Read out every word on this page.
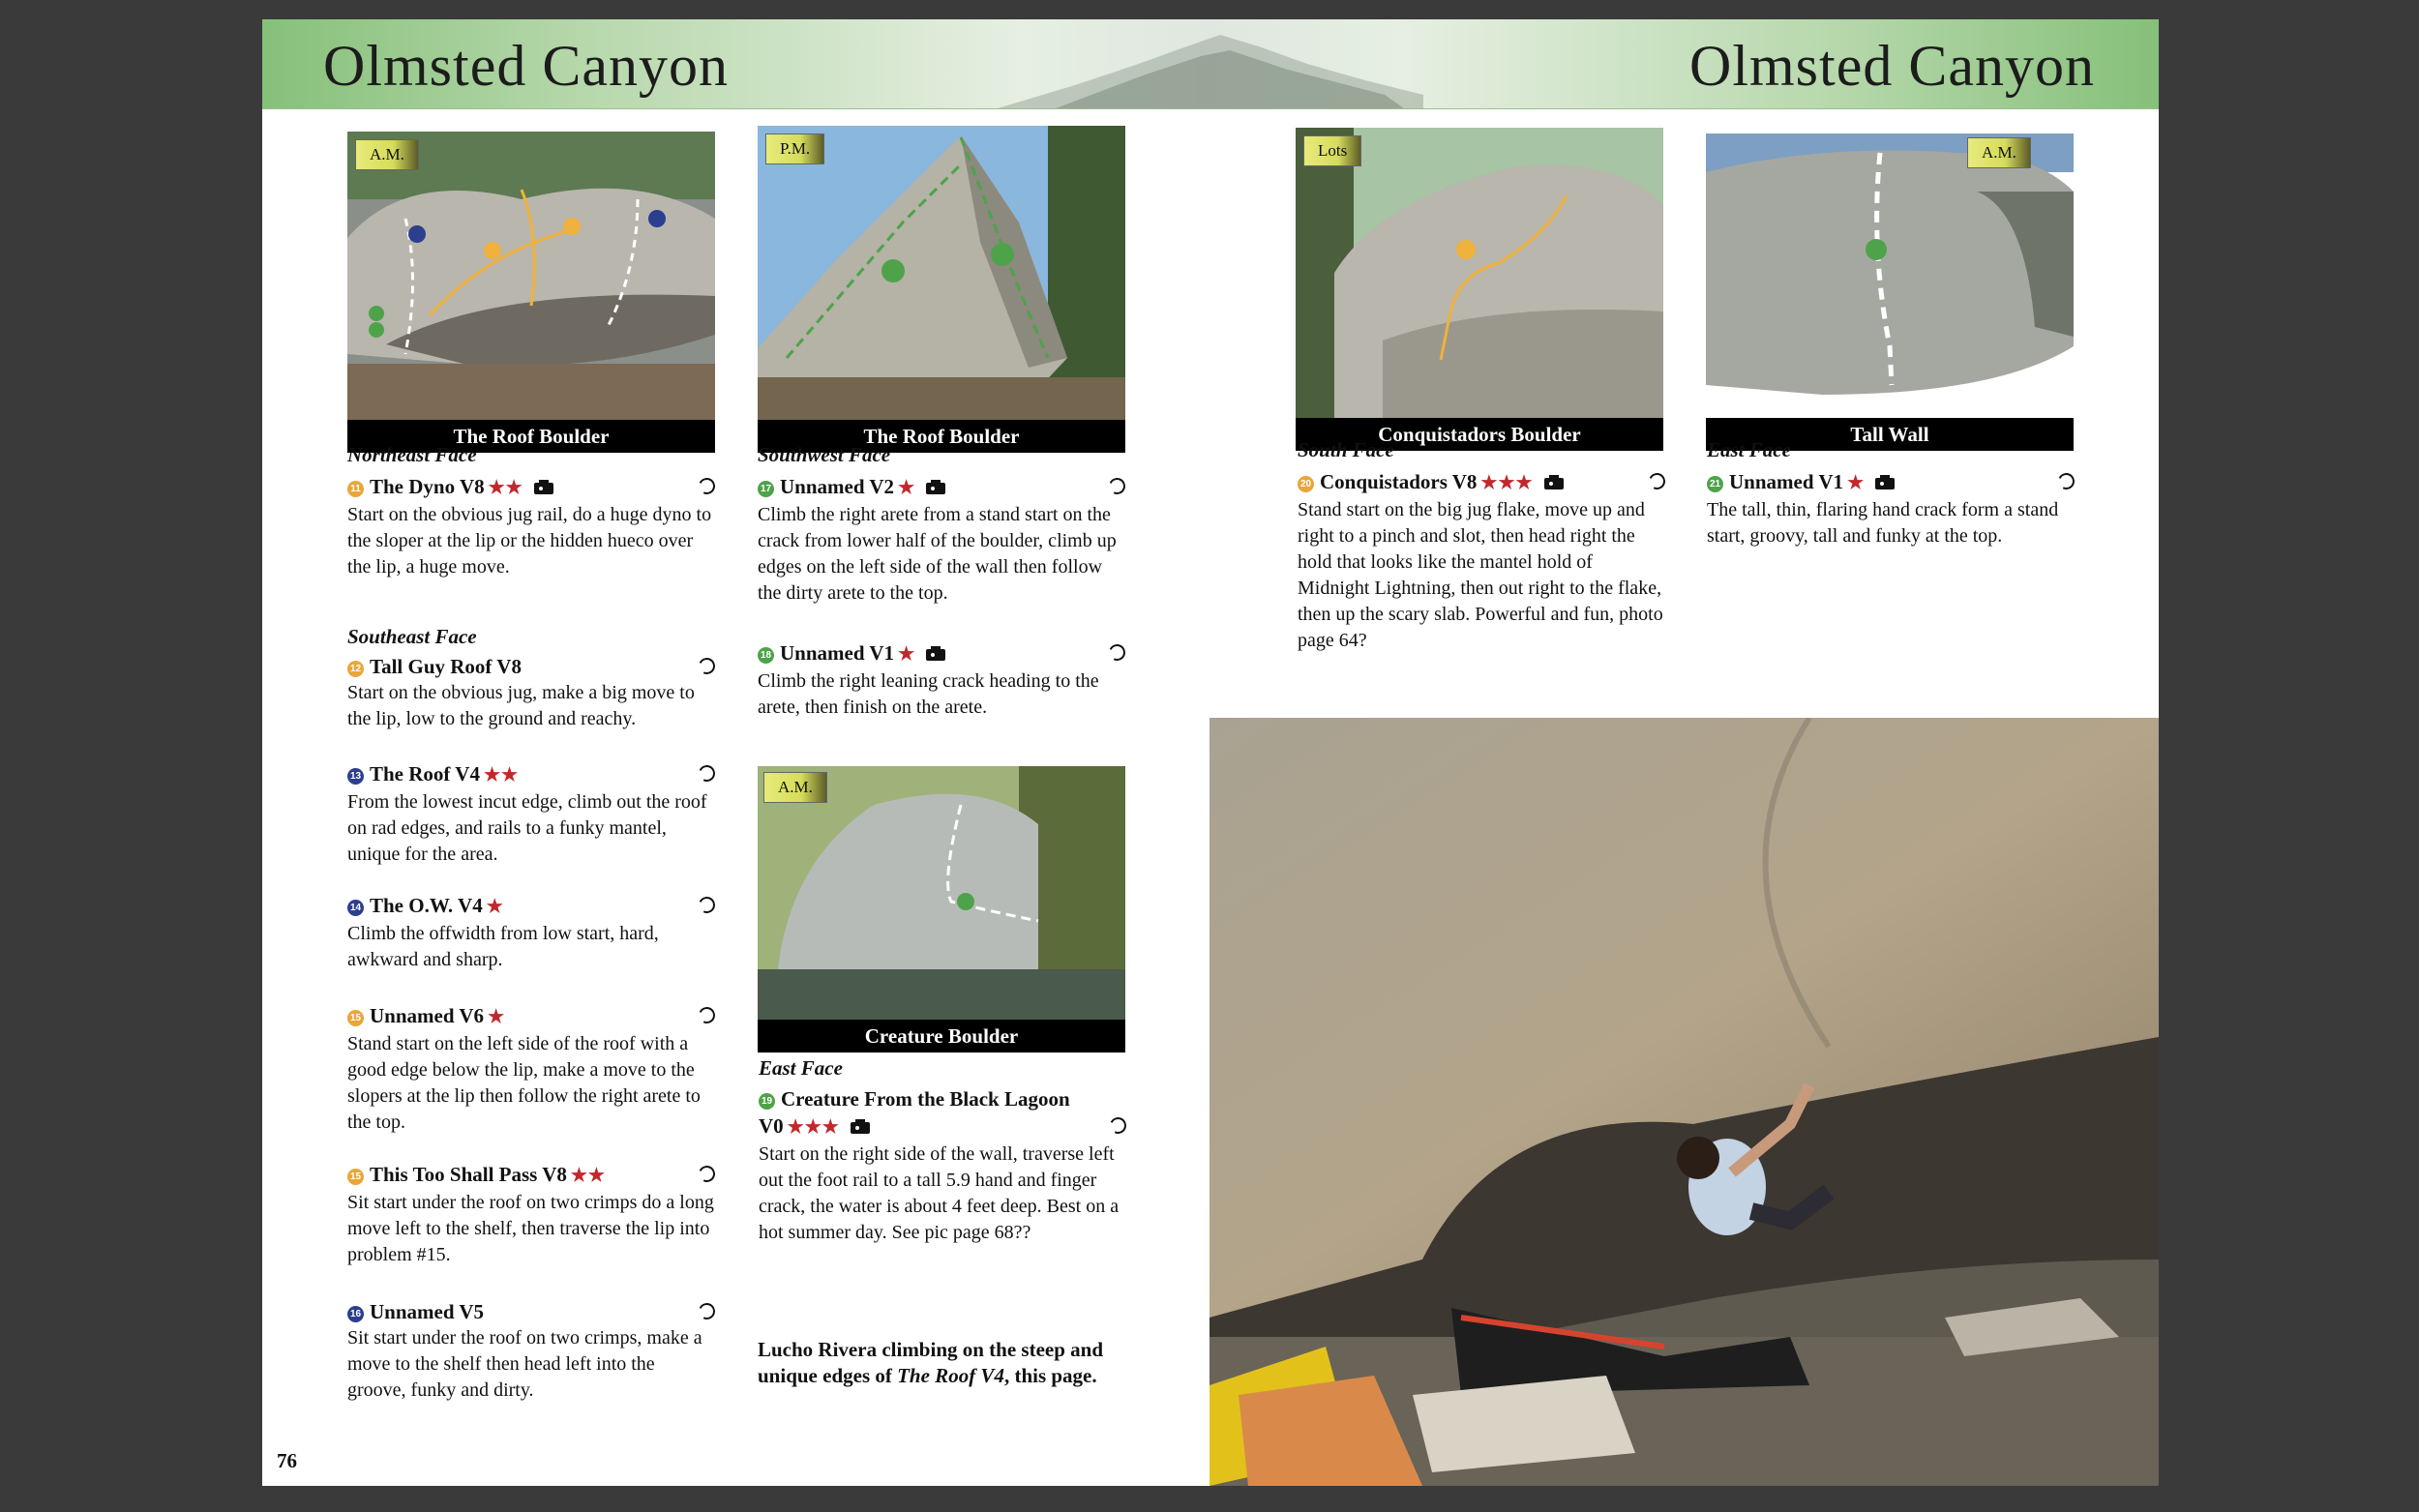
Olmsted Canyon	Olmsted Canyon
A.M.
The Roof Boulder
P.M.
The Roof Boulder
A.M.
Creature Boulder
Lots
Conquistadors Boulder
A.M.
Tall Wall
Northeast Face
11 The Dyno V8 ★★
Start on the obvious jug rail, do a huge dyno to the sloper at the lip or the hidden hueco over the lip, a huge move.
Southeast Face
12 Tall Guy Roof V8
Start on the obvious jug, make a big move to the lip, low to the ground and reachy.
13 The Roof V4 ★★
From the lowest incut edge, climb out the roof on rad edges, and rails to a funky mantel, unique for the area.
14 The O.W. V4 ★
Climb the offwidth from low start, hard, awkward and sharp.
15 Unnamed V6 ★
Stand start on the left side of the roof with a good edge below the lip, make a move to the slopers at the lip then follow the right arete to the top.
15 This Too Shall Pass V8 ★★
Sit start under the roof on two crimps do a long move left to the shelf, then traverse the lip into problem #15.
16 Unnamed V5
Sit start under the roof on two crimps, make a move to the shelf then head left into the groove, funky and dirty.
Southwest Face
17 Unnamed V2 ★
Climb the right arete from a stand start on the crack from lower half of the boulder, climb up edges on the left side of the wall then follow the dirty arete to the top.
18 Unnamed V1 ★
Climb the right leaning crack heading to the arete, then finish on the arete.
East Face
19 Creature From the Black Lagoon
V0 ★★★
Start on the right side of the wall, traverse left out the foot rail to a tall 5.9 hand and finger crack, the water is about 4 feet deep. Best on a hot summer day. See pic page 68??
Lucho Rivera climbing on the steep and
unique edges of The Roof V4, this page.
South Face
20 Conquistadors V8 ★★★
Stand start on the big jug flake, move up and right to a pinch and slot, then head right the hold that looks like the mantel hold of Midnight Lightning, then out right to the flake, then up the scary slab. Powerful and fun, photo page 64?
East Face
21 Unnamed V1 ★
The tall, thin, flaring hand crack form a stand start, groovy, tall and funky at the top.
76
